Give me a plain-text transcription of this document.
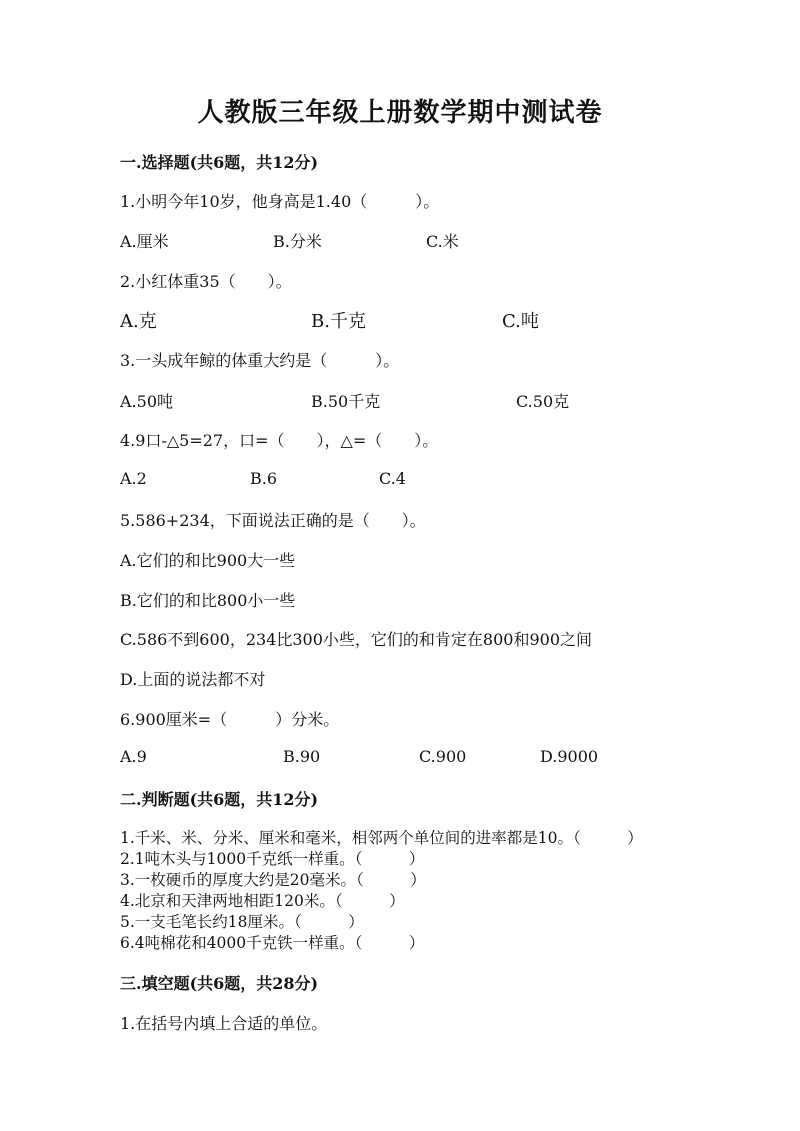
人教版三年级上册数学期中测试卷
一.选择题(共6题，共12分)
1.小明今年10岁，他身高是1.40（　　　）。
A.厘米	B.分米	C.米
2.小红体重35（　　）。
A.克	B.千克	C.吨
3.一头成年鲸的体重大约是（　　　）。
A.50吨	B.50千克	C.50克
4.9口-△5=27，口=（　　），△=（　　）。
A.2	B.6	C.4
5.586+234，下面说法正确的是（　　）。
A.它们的和比900大一些
B.它们的和比800小一些
C.586不到600，234比300小些，它们的和肯定在800和900之间
D.上面的说法都不对
6.900厘米=（　　　）分米。
A.9	B.90	C.900	D.9000
二.判断题(共6题，共12分)
1.千米、米、分米、厘米和毫米，相邻两个单位间的进率都是10。（　　　）
2.1吨木头与1000千克纸一样重。（　　　）
3.一枚硬币的厚度大约是20毫米。（　　　）
4.北京和天津两地相距120米。（　　　）
5.一支毛笔长约18厘米。（　　　）
6.4吨棉花和4000千克铁一样重。（　　　）
三.填空题(共6题，共28分)
1.在括号内填上合适的单位。
